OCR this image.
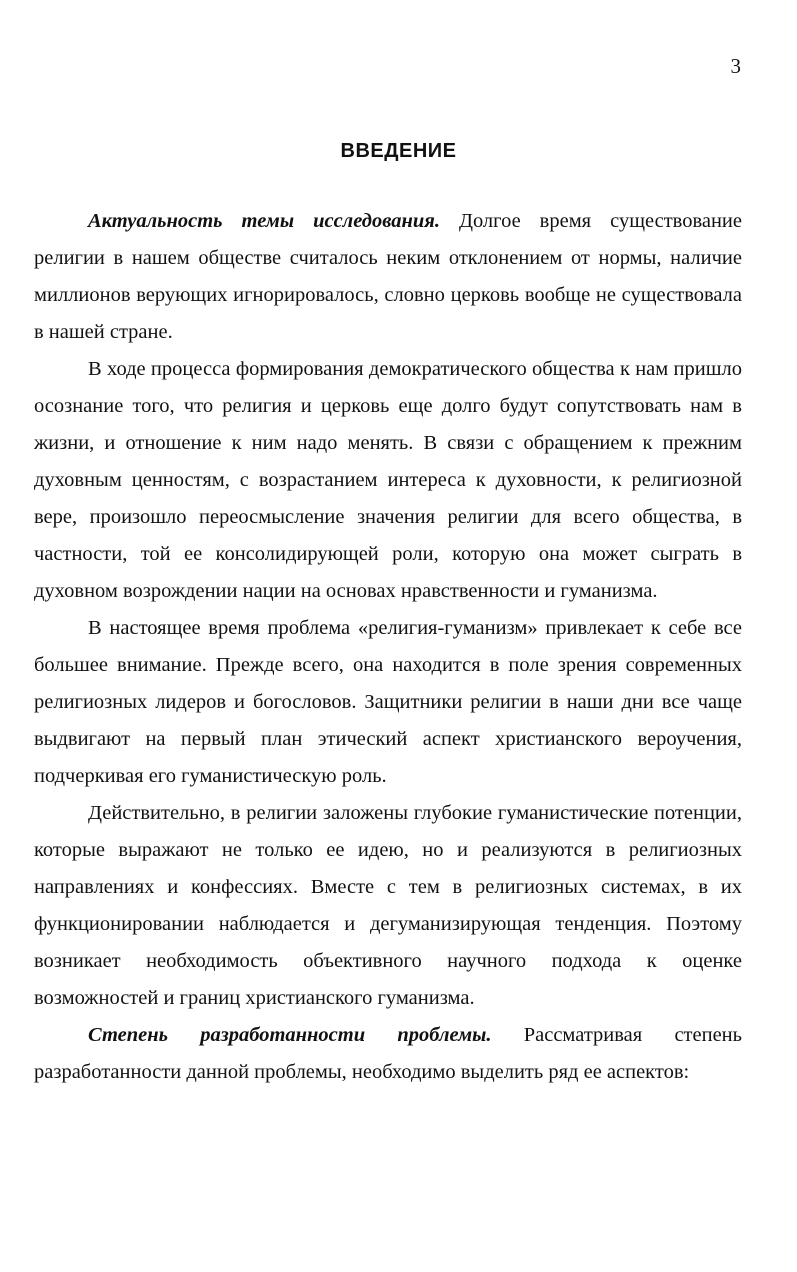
3
ВВЕДЕНИЕ

Актуальность темы исследования. Долгое время существование религии в нашем обществе считалось неким отклонением от нормы, наличие миллионов верующих игнорировалось, словно церковь вообще не существовала в нашей стране.

В ходе процесса формирования демократического общества к нам пришло осознание того, что религия и церковь еще долго будут сопутствовать нам в жизни, и отношение к ним надо менять. В связи с обращением к прежним духовным ценностям, с возрастанием интереса к духовности, к религиозной вере, произошло переосмысление значения религии для всего общества, в частности, той ее консолидирующей роли, которую она может сыграть в духовном возрождении нации на основах нравственности и гуманизма.

В настоящее время проблема «религия-гуманизм» привлекает к себе все большее внимание. Прежде всего, она находится в поле зрения современных религиозных лидеров и богословов. Защитники религии в наши дни все чаще выдвигают на первый план этический аспект христианского вероучения, подчеркивая его гуманистическую роль.

Действительно, в религии заложены глубокие гуманистические потенции, которые выражают не только ее идею, но и реализуются в религиозных направлениях и конфессиях. Вместе с тем в религиозных системах, в их функционировании наблюдается и дегуманизирующая тенденция. Поэтому возникает необходимость объективного научного подхода к оценке возможностей и границ христианского гуманизма.

Степень разработанности проблемы. Рассматривая степень разработанности данной проблемы, необходимо выделить ряд ее аспектов:
